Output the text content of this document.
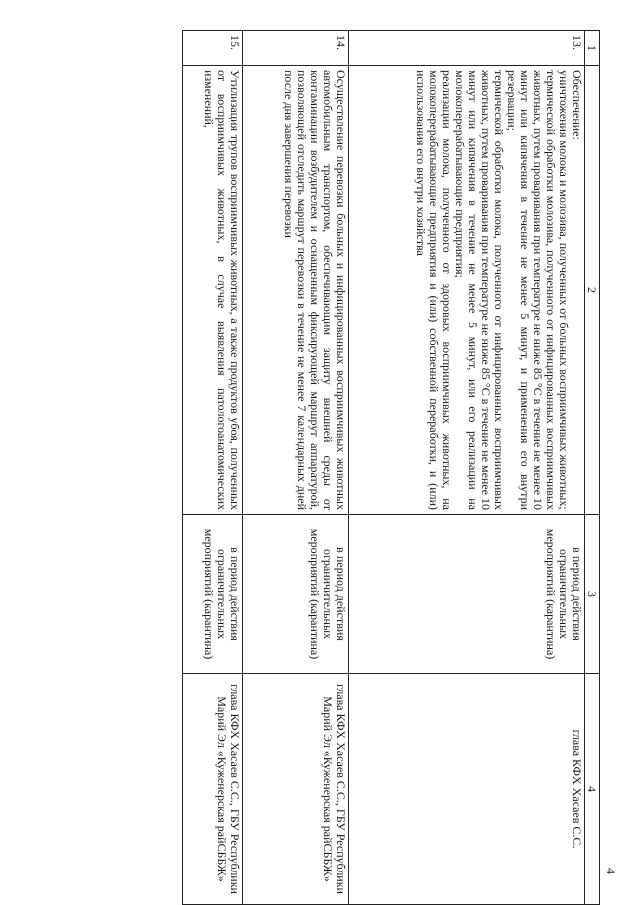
4
1	2	3	4
13.	Обеспечение:
уничтожения молока и молозива, полученных от больных восприимчивых животных;
термической обработки молозива, полученного от инфицированных восприимчивых животных, путем проваривания при температуре не ниже 85 °С в течение не менее 10 минут или кипячения в течение не менее 5 минут, и применения его внутри резервации;
термической обработки молока, полученного от инфицированных восприимчивых животных, путем проваривания при температуре не ниже 85 °С в течение не менее 10 минут или кипячения в течение не менее 5 минут, или его реализации на молокоперерабатывающие предприятия;
реализации молока, полученного от здоровых восприимчивых животных, на молокоперерабатывающие предприятия и (или) собственной переработки, и (или) использования его внутри хозяйства	в период действия ограничительных мероприятий (карантина)	глава КФХ Хасаев С.С.
14.	Осуществление перевозки больных и инфицированных восприимчивых животных автомобильным транспортом, обеспечивающим защиту внешней среды от контаминации возбудителем и оснащенным фиксирующей маршрут аппаратурой, позволяющей отследить маршрут перевозки в течение не менее 7 календарных дней после дня завершения перевозки	в период действия ограничительных мероприятий (карантина)	глава КФХ Хасаев С.С., ГБУ Республики Марий Эл «Куженерская райСББЖ»
15.	Утилизация трупов восприимчивых животных, а также продуктов убоя, полученных от восприимчивых животных, в случае выявления патологоанатомических изменений,	в период действия ограничительных мероприятий (карантина)	глава КФХ Хасаев С.С., ГБУ Республики Марий Эл «Куженерская райСББЖ»
